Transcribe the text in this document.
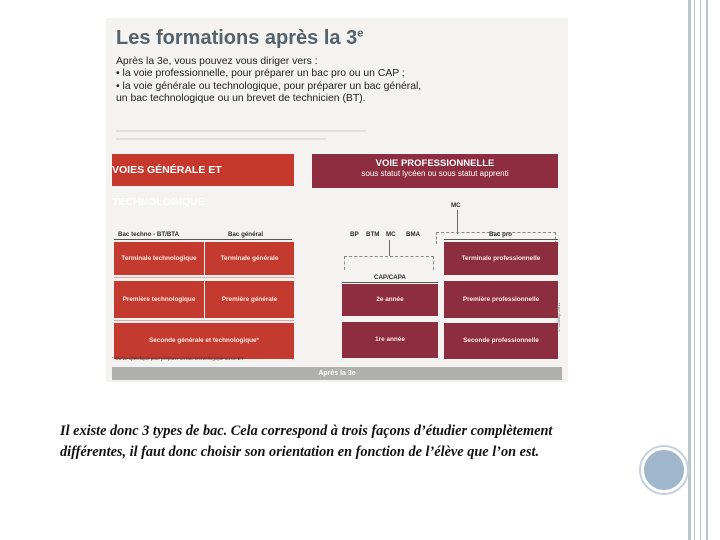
Les formations après la 3e
Après la 3e, vous pouvez vous diriger vers :
• la voie professionnelle, pour préparer un bac pro ou un CAP ;
• la voie générale ou technologique, pour préparer un bac général,
un bac technologique ou un brevet de technicien (BT).
VOIES GÉNÉRALE ET TECHNOLOGIQUE
VOIE PROFESSIONNELLE
sous statut lycéen ou sous statut apprenti
Bac techno - BT/BTA	Bac général
Terminale technologique	Terminale générale
Première technologique	Première générale
Seconde générale et technologique*
MC
BP BTM MC BMA
CAP/CAPA
2e année
1re année
Bac pro
Terminale professionnelle
Première professionnelle
Seconde professionnelle
* Ou 2e spécifique pour préparer un bac technologique ou un BT
© Onisep 2011
Après la 3e
Il existe donc 3 types de bac. Cela correspond à trois façons d’étudier complètement différentes, il faut donc choisir son orientation en fonction de l’élève que l’on est.
